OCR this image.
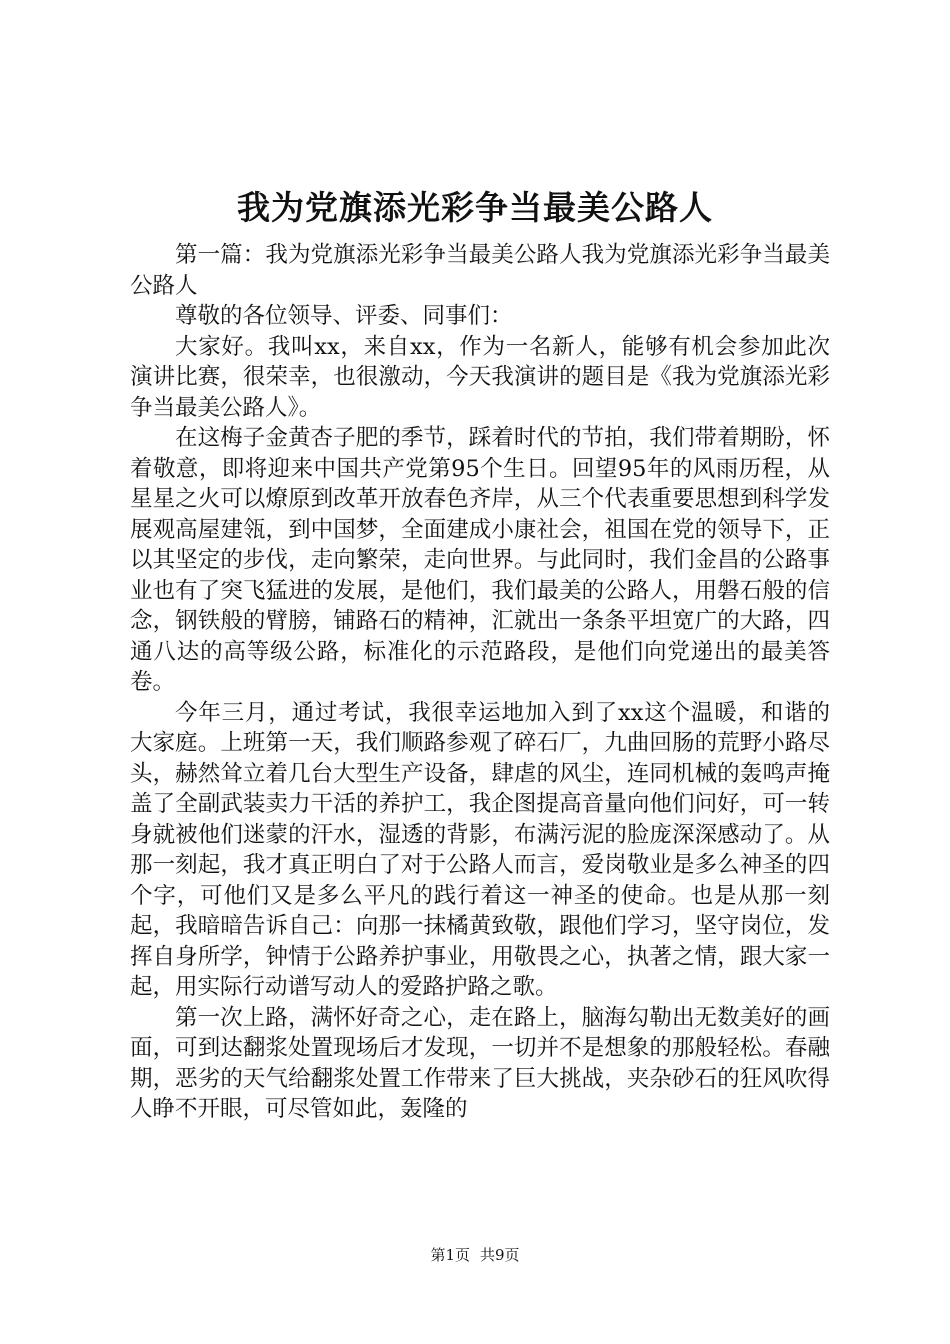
我为党旗添光彩争当最美公路人

第一篇：我为党旗添光彩争当最美公路人我为党旗添光彩争当最美公路人

尊敬的各位领导、评委、同事们：

大家好。我叫xx，来自xx，作为一名新人，能够有机会参加此次演讲比赛，很荣幸，也很激动，今天我演讲的题目是《我为党旗添光彩争当最美公路人》。

在这梅子金黄杏子肥的季节，踩着时代的节拍，我们带着期盼，怀着敬意，即将迎来中国共产党第95个生日。回望95年的风雨历程，从星星之火可以燎原到改革开放春色齐岸，从三个代表重要思想到科学发展观高屋建瓴，到中国梦，全面建成小康社会，祖国在党的领导下，正以其坚定的步伐，走向繁荣，走向世界。与此同时，我们金昌的公路事业也有了突飞猛进的发展，是他们，我们最美的公路人，用磐石般的信念，钢铁般的臂膀，铺路石的精神，汇就出一条条平坦宽广的大路，四通八达的高等级公路，标准化的示范路段，是他们向党递出的最美答卷。

今年三月，通过考试，我很幸运地加入到了xx这个温暖，和谐的大家庭。上班第一天，我们顺路参观了碎石厂，九曲回肠的荒野小路尽头，赫然耸立着几台大型生产设备，肆虐的风尘，连同机械的轰鸣声掩盖了全副武装卖力干活的养护工，我企图提高音量向他们问好，可一转身就被他们迷蒙的汗水，湿透的背影，布满污泥的脸庞深深感动了。从那一刻起，我才真正明白了对于公路人而言，爱岗敬业是多么神圣的四个字，可他们又是多么平凡的践行着这一神圣的使命。也是从那一刻起，我暗暗告诉自己：向那一抹橘黄致敬，跟他们学习，坚守岗位，发挥自身所学，钟情于公路养护事业，用敬畏之心，执著之情，跟大家一起，用实际行动谱写动人的爱路护路之歌。

第一次上路，满怀好奇之心，走在路上，脑海勾勒出无数美好的画面，可到达翻浆处置现场后才发现，一切并不是想象的那般轻松。春融期，恶劣的天气给翻浆处置工作带来了巨大挑战，夹杂砂石的狂风吹得人睁不开眼，可尽管如此，轰隆的

第1页 共9页
